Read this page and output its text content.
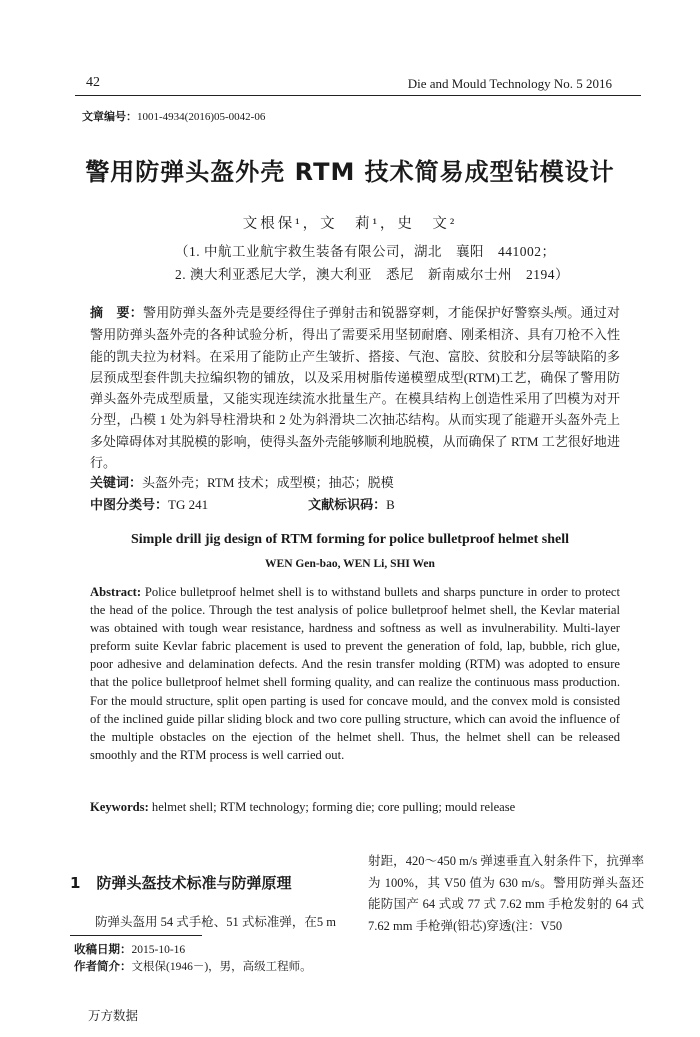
42	Die and Mould Technology No. 5 2016
文章编号：1001-4934(2016)05-0042-06
警用防弹头盔外壳 RTM 技术简易成型钻模设计
文根保¹，文　莉¹，史　文²
（1. 中航工业航宇救生装备有限公司，湖北　襄阳　441002；
2. 澳大利亚悉尼大学，澳大利亚　悉尼　新南威尔士州　2194）
摘　要：警用防弹头盔外壳是要经得住子弹射击和锐器穿刺，才能保护好警察头颅。通过对警用防弹头盔外壳的各种试验分析，得出了需要采用坚韧耐磨、刚柔相济、具有刀枪不入性能的凯夫拉为材料。在采用了能防止产生皱折、搭接、气泡、富胶、贫胶和分层等缺陷的多层预成型套件凯夫拉编织物的铺放，以及采用树脂传递模塑成型(RTM)工艺，确保了警用防弹头盔外壳成型质量，又能实现连续流水批量生产。在模具结构上创造性采用了凹模为对开分型，凸模 1 处为斜导柱滑块和 2 处为斜滑块二次抽芯结构。从而实现了能避开头盔外壳上多处障碍体对其脱模的影响，使得头盔外壳能够顺利地脱模，从而确保了 RTM 工艺很好地进行。
关键词：头盔外壳；RTM 技术；成型模；抽芯；脱模
中图分类号：TG 241	文献标识码：B
Simple drill jig design of RTM forming for police bulletproof helmet shell
WEN Gen-bao, WEN Li, SHI Wen
Abstract: Police bulletproof helmet shell is to withstand bullets and sharps puncture in order to protect the head of the police. Through the test analysis of police bulletproof helmet shell, the Kevlar material was obtained with tough wear resistance, hardness and softness as well as invulnerability. Multi-layer preform suite Kevlar fabric placement is used to prevent the generation of fold, lap, bubble, rich glue, poor adhesive and delamination defects. And the resin transfer molding (RTM) was adopted to ensure that the police bulletproof helmet shell forming quality, and can realize the continuous mass production. For the mould structure, split open parting is used for concave mould, and the convex mold is consisted of the inclined guide pillar sliding block and two core pulling structure, which can avoid the influence of the multiple obstacles on the ejection of the helmet shell. Thus, the helmet shell can be released smoothly and the RTM process is well carried out.
Keywords: helmet shell; RTM technology; forming die; core pulling; mould release
1 防弹头盔技术标准与防弹原理
防弹头盔用 54 式手枪、51 式标准弹，在5 m
射距，420～450 m/s 弹速垂直入射条件下，抗弹率为 100%，其 V50 值为 630 m/s。警用防弹头盔还能防国产 64 式或 77 式 7.62 mm 手枪发射的 64 式 7.62 mm 手枪弹(铅芯)穿透(注：V50
收稿日期：2015-10-16
作者简介：文根保(1946－)，男，高级工程师。
万方数据
